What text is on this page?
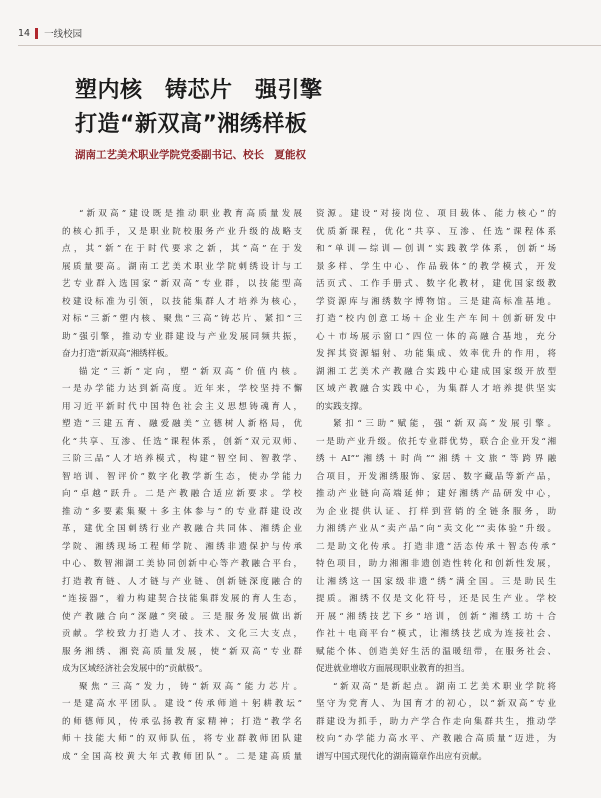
14 一线校园
塑内核　铸芯片　强引擎
打造“新双高”湘绣样板
湖南工艺美术职业学院党委副书记、校长　夏能权
“新双高”建设既是推动职业教育高质量发展
的核心抓手，又是职业院校服务产业升级的战略支
点，其“新”在于时代要求之新，其“高”在于发
展质量要高。湖南工艺美术职业学院刺绣设计与工
艺专业群入选国家“新双高”专业群，以技能型高
校建设标准为引领，以技能集群人才培养为核心，
对标“三新”塑内核、聚焦“三高”铸芯片、紧扣“三
助”强引擎，推动专业群建设与产业发展同频共振，
奋力打造“新双高”湘绣样板。
锚定“三新”定向，塑“新双高”价值内核。
一是办学能力达到新高度。近年来，学校坚持不懈
用习近平新时代中国特色社会主义思想铸魂育人，
塑造“三建五育、融爱融美”立德树人新格局，优
化“共享、互渗、任选”课程体系，创新“双元双师、
三阶三品”人才培养模式，构建“智空间、智教学、
智培训、智评价”数字化教学新生态，使办学能力
向“卓越”跃升。二是产教融合适应新要求。学校
推动“多要素集聚＋多主体参与”的专业群建设改
革，建优全国刺绣行业产教融合共同体、湘绣企业
学院、湘绣现场工程师学院、湘绣非遗保护与传承
中心、数智湘湖工美协同创新中心等产教融合平台，
打造教育链、人才链与产业链、创新链深度融合的
“连接器”，着力构建契合技能集群发展的育人生态，
使产教融合向“深融”突破。三是服务发展做出新
贡献。学校致力打造人才、技术、文化三大支点，
服务湘绣、湘瓷高质量发展，使“新双高”专业群
成为区域经济社会发展中的“贡献极”。
聚焦“三高”发力，铸“新双高”能力芯片。
一是建高水平团队。建设“传承师道＋躬耕教坛”
的师德师风，传承弘扬教育家精神；打造“教学名
师＋技能大师”的双师队伍，将专业群教师团队建
成“全国高校黄大年式教师团队”。二是建高质量
资源。建设“对接岗位、项目载体、能力核心”的
优质新课程，优化“共享、互渗、任选”课程体系
和“单训—综训—创训”实践教学体系，创新“场
景多样、学生中心、作品载体”的教学模式，开发
活页式、工作手册式、数字化教材，建优国家级教
学资源库与湘绣数字博物馆。三是建高标准基地。
打造“校内创意工场＋企业生产车间＋创新研发中
心＋市场展示窗口”四位一体的高融合基地，充分
发挥其资源辐射、功能集成、效率优升的作用，将
湖湘工艺美术产教融合实践中心建成国家级开放型
区域产教融合实践中心，为集群人才培养提供坚实
的实践支撑。
紧扣“三助”赋能，强“新双高”发展引擎。
一是助产业升级。依托专业群优势，联合企业开发“湘
绣＋AI”“湘绣＋时尚”“湘绣＋文旅”等跨界融
合项目，开发湘绣服饰、家居、数字藏品等新产品，
推动产业链向高端延伸；建好湘绣产品研发中心，
为企业提供认证、打样到营销的全链条服务，助
力湘绣产业从“卖产品”向“卖文化”“卖体验”升级。
二是助文化传承。打造非遗“活态传承＋智态传承”
特色项目，助力湘湘非遗创造性转化和创新性发展，
让湘绣这一国家级非遗“绣”满全国。三是助民生
提质。湘绣不仅是文化符号，还是民生产业。学校
开展“湘绣技艺下乡”培训，创新“湘绣工坊＋合
作社＋电商平台”模式，让湘绣技艺成为连接社会、
赋能个体、创造美好生活的温暖纽带，在服务社会、
促进就业增收方面展现职业教育的担当。
“新双高”是新起点。湖南工艺美术职业学院将
坚守为党育人、为国育才的初心，以“新双高”专业
群建设为抓手，助力产学合作走向集群共生，推动学
校向“办学能力高水平、产教融合高质量”迈进，为
谱写中国式现代化的湖南篇章作出应有贡献。
